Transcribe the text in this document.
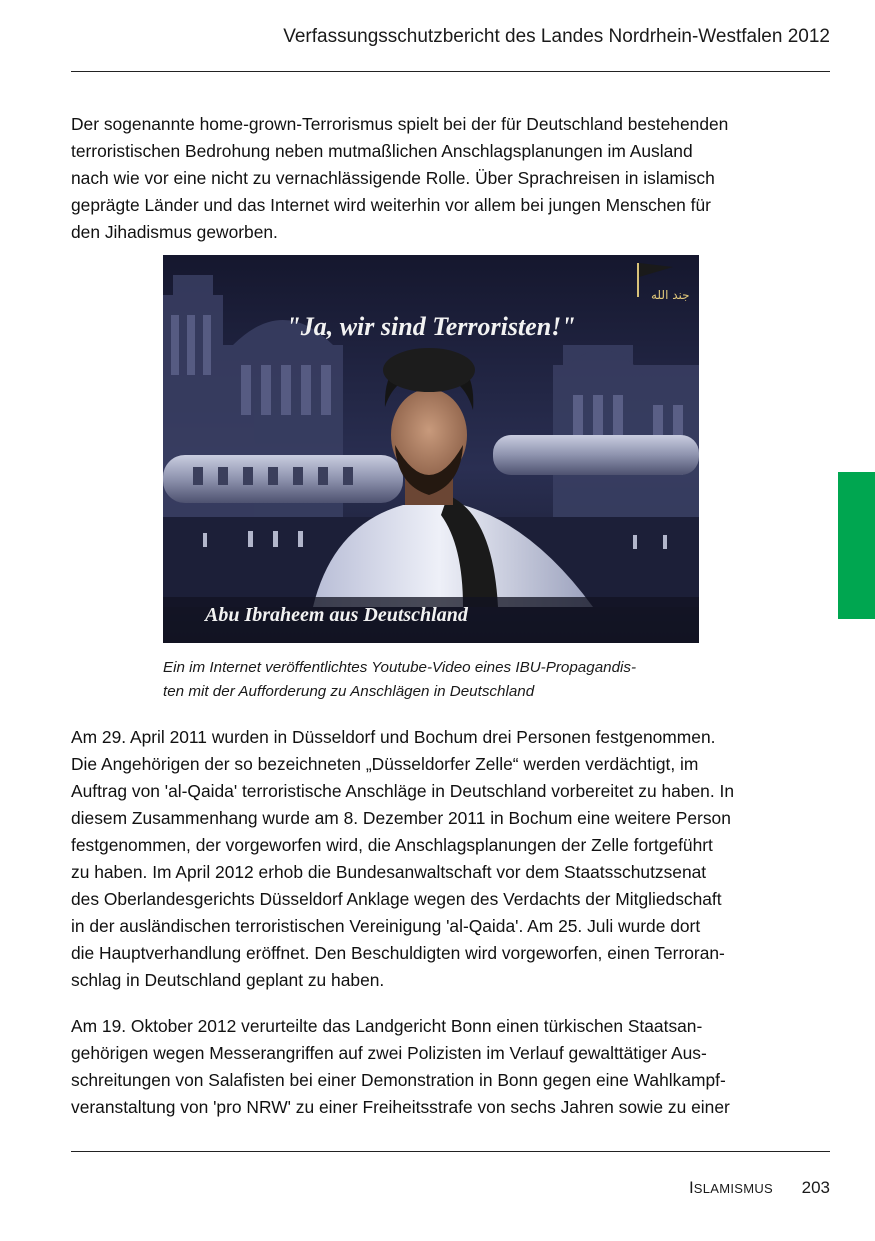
Verfassungsschutzbericht des Landes Nordrhein-Westfalen 2012
Der sogenannte home-grown-Terrorismus spielt bei der für Deutschland bestehenden
terroristischen Bedrohung neben mutmaßlichen Anschlagsplanungen im Ausland
nach wie vor eine nicht zu vernachlässigende Rolle. Über Sprachreisen in islamisch
geprägte Länder und das Internet wird weiterhin vor allem bei jungen Menschen für
den Jihadismus geworben.
جند الله
"Ja, wir sind Terroristen!"
Abu Ibraheem aus Deutschland
Ein im Internet veröffentlichtes Youtube-Video eines IBU-Propagandis-
ten mit der Aufforderung zu Anschlägen in Deutschland
Am 29. April 2011 wurden in Düsseldorf und Bochum drei Personen festgenommen.
Die Angehörigen der so bezeichneten „Düsseldorfer Zelle“ werden verdächtigt, im
Auftrag von 'al-Qaida' terroristische Anschläge in Deutschland vorbereitet zu haben. In
diesem Zusammenhang wurde am 8. Dezember 2011 in Bochum eine weitere Person
festgenommen, der vorgeworfen wird, die Anschlagsplanungen der Zelle fortgeführt
zu haben. Im April 2012 erhob die Bundesanwaltschaft vor dem Staatsschutzsenat
des Oberlandesgerichts Düsseldorf Anklage wegen des Verdachts der Mitgliedschaft
in der ausländischen terroristischen Vereinigung 'al-Qaida'. Am 25. Juli wurde dort
die Hauptverhandlung eröffnet. Den Beschuldigten wird vorgeworfen, einen Terroran-
schlag in Deutschland geplant zu haben.
Am 19. Oktober 2012 verurteilte das Landgericht Bonn einen türkischen Staatsan-
gehörigen wegen Messerangriffen auf zwei Polizisten im Verlauf gewalttätiger Aus-
schreitungen von Salafisten bei einer Demonstration in Bonn gegen eine Wahlkampf-
veranstaltung von 'pro NRW' zu einer Freiheitsstrafe von sechs Jahren sowie zu einer
ISLAMISMUS 203
